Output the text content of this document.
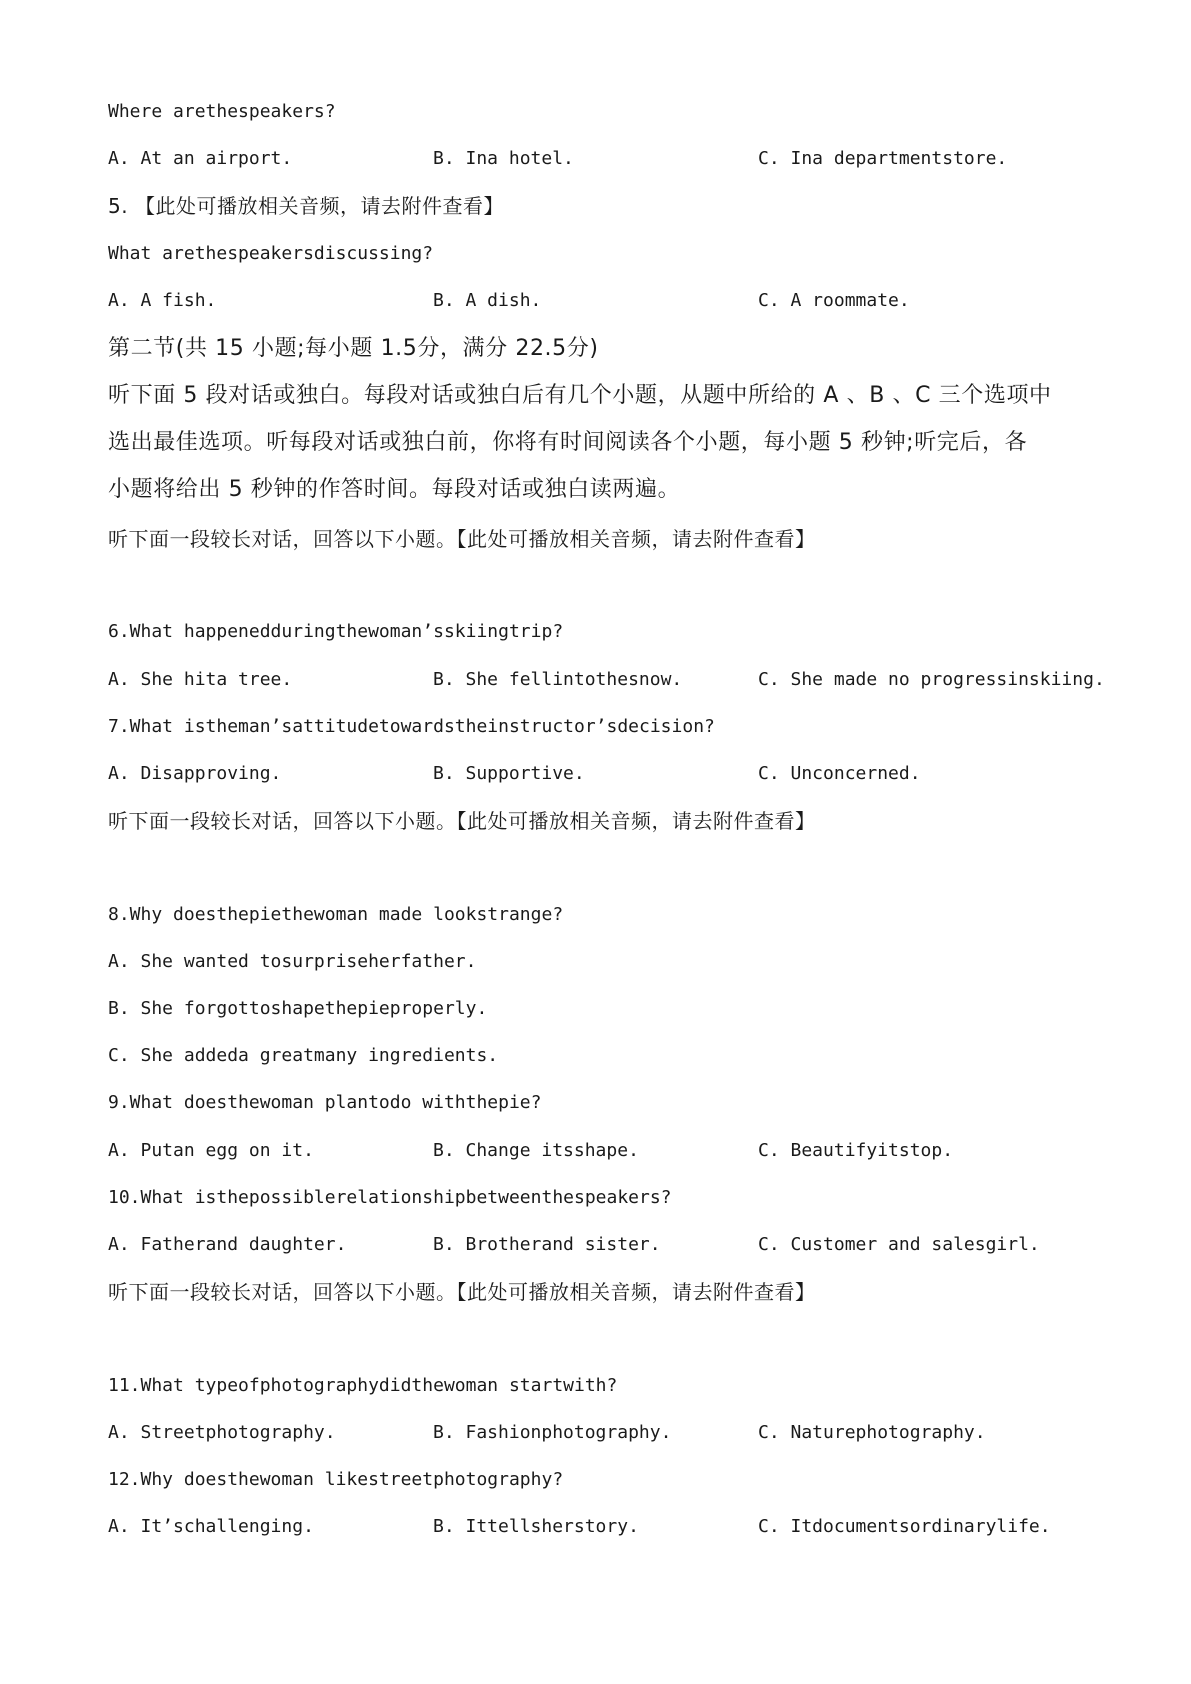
Where arethespeakers?
A. At an airport.	B. Ina hotel.	C. Ina departmentstore.
5. 【此处可播放相关音频，请去附件查看】
What arethespeakersdiscussing?
A. A fish.	B. A dish.	C. A roommate.
第二节(共 15 小题;每小题 1.5分，满分 22.5分)
听下面 5 段对话或独白。每段对话或独白后有几个小题，从题中所给的 A 、B 、C 三个选项中
选出最佳选项。听每段对话或独白前，你将有时间阅读各个小题，每小题 5 秒钟;听完后，各
小题将给出 5 秒钟的作答时间。每段对话或独白读两遍。
听下面一段较长对话，回答以下小题。【此处可播放相关音频，请去附件查看】
6.What happenedduringthewoman’sskiingtrip?
A. She hita tree.	B. She fellintothesnow.	C. She made no progressinskiing.
7.What istheman’sattitudetowardstheinstructor’sdecision?
A. Disapproving.	B. Supportive.	C. Unconcerned.
听下面一段较长对话，回答以下小题。【此处可播放相关音频，请去附件查看】
8.Why doesthepiethewoman made lookstrange?
A. She wanted tosurpriseherfather.
B. She forgottoshapethepieproperly.
C. She addeda greatmany ingredients.
9.What doesthewoman plantodo withthepie?
A. Putan egg on it.	B. Change itsshape.	C. Beautifyitstop.
10.What isthepossiblerelationshipbetweenthespeakers?
A. Fatherand daughter.	B. Brotherand sister.	C. Customer and salesgirl.
听下面一段较长对话，回答以下小题。【此处可播放相关音频，请去附件查看】
11.What typeofphotographydidthewoman startwith?
A. Streetphotography.	B. Fashionphotography.	C. Naturephotography.
12.Why doesthewoman likestreetphotography?
A. It’schallenging.	B. Ittellsherstory.	C. Itdocumentsordinarylife.
